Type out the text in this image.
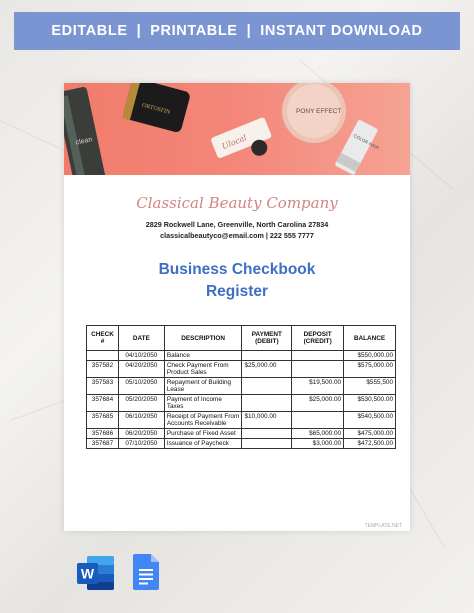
EDITABLE | PRINTABLE | INSTANT DOWNLOAD
clean
ORTOSFIN
Ulocal
PONY EFFECT
COLOR HAIR
Classical Beauty Company
2829 Rockwell Lane, Greenville, North Carolina 27834
classicalbeautyco@email.com | 222 555 7777
Business Checkbook
Register
CHECK #	DATE	DESCRIPTION	PAYMENT (DEBIT)	DEPOSIT (CREDIT)	BALANCE
	04/10/2050	Balance			$550,000.00
357582	04/20/2050	Check Payment From Product Sales	$25,000.00		$575,000.00
357583	05/10/2050	Repayment of Building Lease		$19,500.00	$555,500
357684	05/20/2050	Payment of Income Taxes		$25,000.00	$530,500.00
357685	06/10/2050	Receipt of Payment From Accounts Receivable	$10,000.00		$540,500.00
357686	06/20/2050	Purchase of Fixed Asset		$65,000.00	$475,000.00
357687	07/10/2050	Issuance of Paycheck		$3,000.00	$472,500.00
TEMPLATE.NET
W
